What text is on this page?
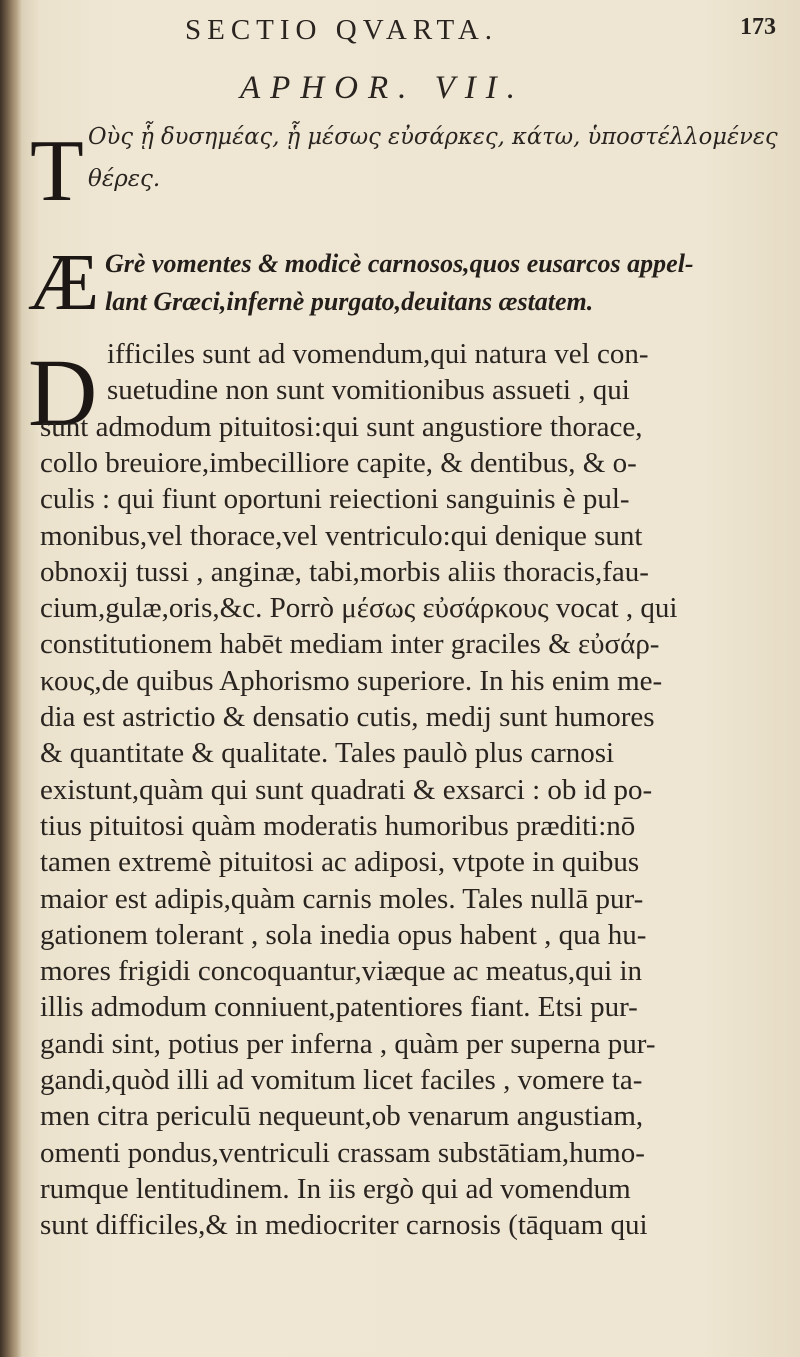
SECTIO QVARTA.	173
APHOR. VII.
T Οὺς ᾗ δυσημέας, ᾗ μέσως εὐσάρκες, κάτω, ὑποστέλλομένες
θέρες.
Æ Grè vomentes & modicè carnosos,quos eusarcos appel-
lant Græci,infernè purgato,deuitans æstatem.
D ifficiles sunt ad vomendum,qui natura vel con-
suetudine non sunt vomitionibus assueti , qui
sunt admodum pituitosi:qui sunt angustiore thorace,
collo breuiore,imbecilliore capite, & dentibus, & o-
culis : qui fiunt oportuni reiectioni sanguinis è pul-
monibus,vel thorace,vel ventriculo:qui denique sunt
obnoxij tussi , anginæ, tabi,morbis aliis thoracis,fau-
cium,gulæ,oris,&c. Porrò μέσως εὐσάρκους vocat , qui
constitutionem habēt mediam inter graciles & εὐσάρ-
κους,de quibus Aphorismo superiore. In his enim me-
dia est astrictio & densatio cutis, medij sunt humores
& quantitate & qualitate. Tales paulò plus carnosi
existunt,quàm qui sunt quadrati & exsarci : ob id po-
tius pituitosi quàm moderatis humoribus præditi:nō
tamen extremè pituitosi ac adiposi, vtpote in quibus
maior est adipis,quàm carnis moles. Tales nullā pur-
gationem tolerant , sola inedia opus habent , qua hu-
mores frigidi concoquantur,viæque ac meatus,qui in
illis admodum conniuent,patentiores fiant. Etsi pur-
gandi sint, potius per inferna , quàm per superna pur-
gandi,quòd illi ad vomitum licet faciles , vomere ta-
men citra periculū nequeunt,ob venarum angustiam,
omenti pondus,ventriculi crassam substātiam,humo-
rumque lentitudinem. In iis ergò qui ad vomendum
sunt difficiles,& in mediocriter carnosis (tāquam qui
